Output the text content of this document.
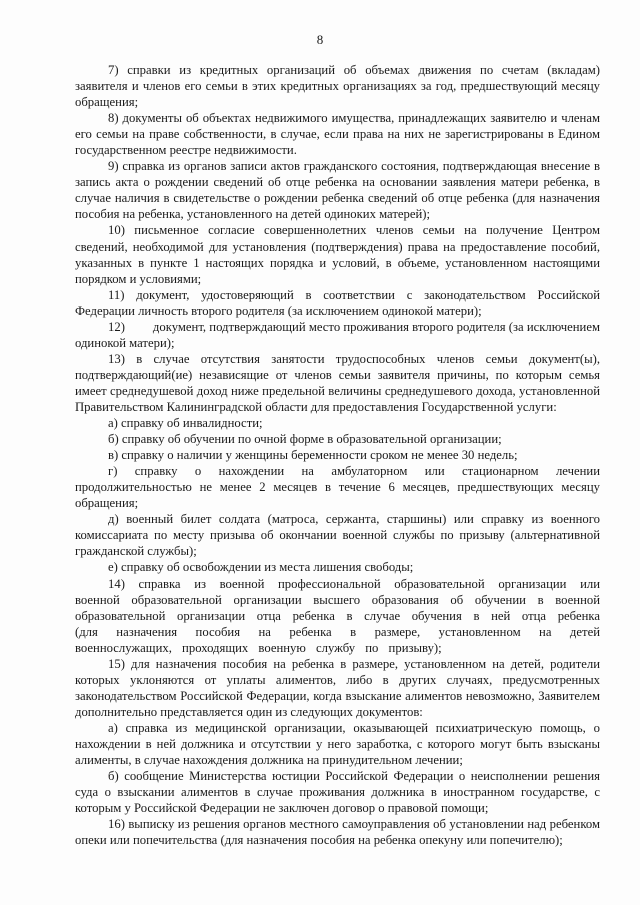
8

7) справки из кредитных организаций об объемах движения по счетам (вкладам) заявителя и членов его семьи в этих кредитных организациях за год, предшествующий месяцу обращения;

8) документы об объектах недвижимого имущества, принадлежащих заявителю и членам его семьи на праве собственности, в случае, если права на них не зарегистрированы в Едином государственном реестре недвижимости.

9) справка из органов записи актов гражданского состояния, подтверждающая внесение в запись акта о рождении сведений об отце ребенка на основании заявления матери ребенка, в случае наличия в свидетельстве о рождении ребенка сведений об отце ребенка (для назначения пособия на ребенка, установленного на детей одиноких матерей);

10) письменное согласие совершеннолетних членов семьи на получение Центром сведений, необходимой для установления (подтверждения) права на предоставление пособий, указанных в пункте 1 настоящих порядка и условий, в объеме, установленном настоящими порядком и условиями;

11) документ, удостоверяющий в соответствии с законодательством Российской Федерации личность второго родителя (за исключением одинокой матери);

12) документ, подтверждающий место проживания второго родителя (за исключением одинокой матери);

13) в случае отсутствия занятости трудоспособных членов семьи документ(ы), подтверждающий(ие) независящие от членов семьи заявителя причины, по которым семья имеет среднедушевой доход ниже предельной величины среднедушевого дохода, установленной Правительством Калининградской области для предоставления Государственной услуги:

а) справку об инвалидности;

б) справку об обучении по очной форме в образовательной организации;

в) справку о наличии у женщины беременности сроком не менее 30 недель;

г) справку о нахождении на амбулаторном или стационарном лечении продолжительностью не менее 2 месяцев в течение 6 месяцев, предшествующих месяцу обращения;

д) военный билет солдата (матроса, сержанта, старшины) или справку из военного комиссариата по месту призыва об окончании военной службы по призыву (альтернативной гражданской службы);

е) справку об освобождении из места лишения свободы;

14) справка из военной профессиональной образовательной организации или военной образовательной организации высшего образования об обучении в военной образовательной организации отца ребенка в случае обучения в ней отца ребенка (для назначения пособия на ребенка в размере, установленном на детей военнослужащих, проходящих военную службу по призыву);

15) для назначения пособия на ребенка в размере, установленном на детей, родители которых уклоняются от уплаты алиментов, либо в других случаях, предусмотренных законодательством Российской Федерации, когда взыскание алиментов невозможно, Заявителем дополнительно представляется один из следующих документов:

а) справка из медицинской организации, оказывающей психиатрическую помощь, о нахождении в ней должника и отсутствии у него заработка, с которого могут быть взысканы алименты, в случае нахождения должника на принудительном лечении;

б) сообщение Министерства юстиции Российской Федерации о неисполнении решения суда о взыскании алиментов в случае проживания должника в иностранном государстве, с которым у Российской Федерации не заключен договор о правовой помощи;

16) выписку из решения органов местного самоуправления об установлении над ребенком опеки или попечительства (для назначения пособия на ребенка опекуну или попечителю);
